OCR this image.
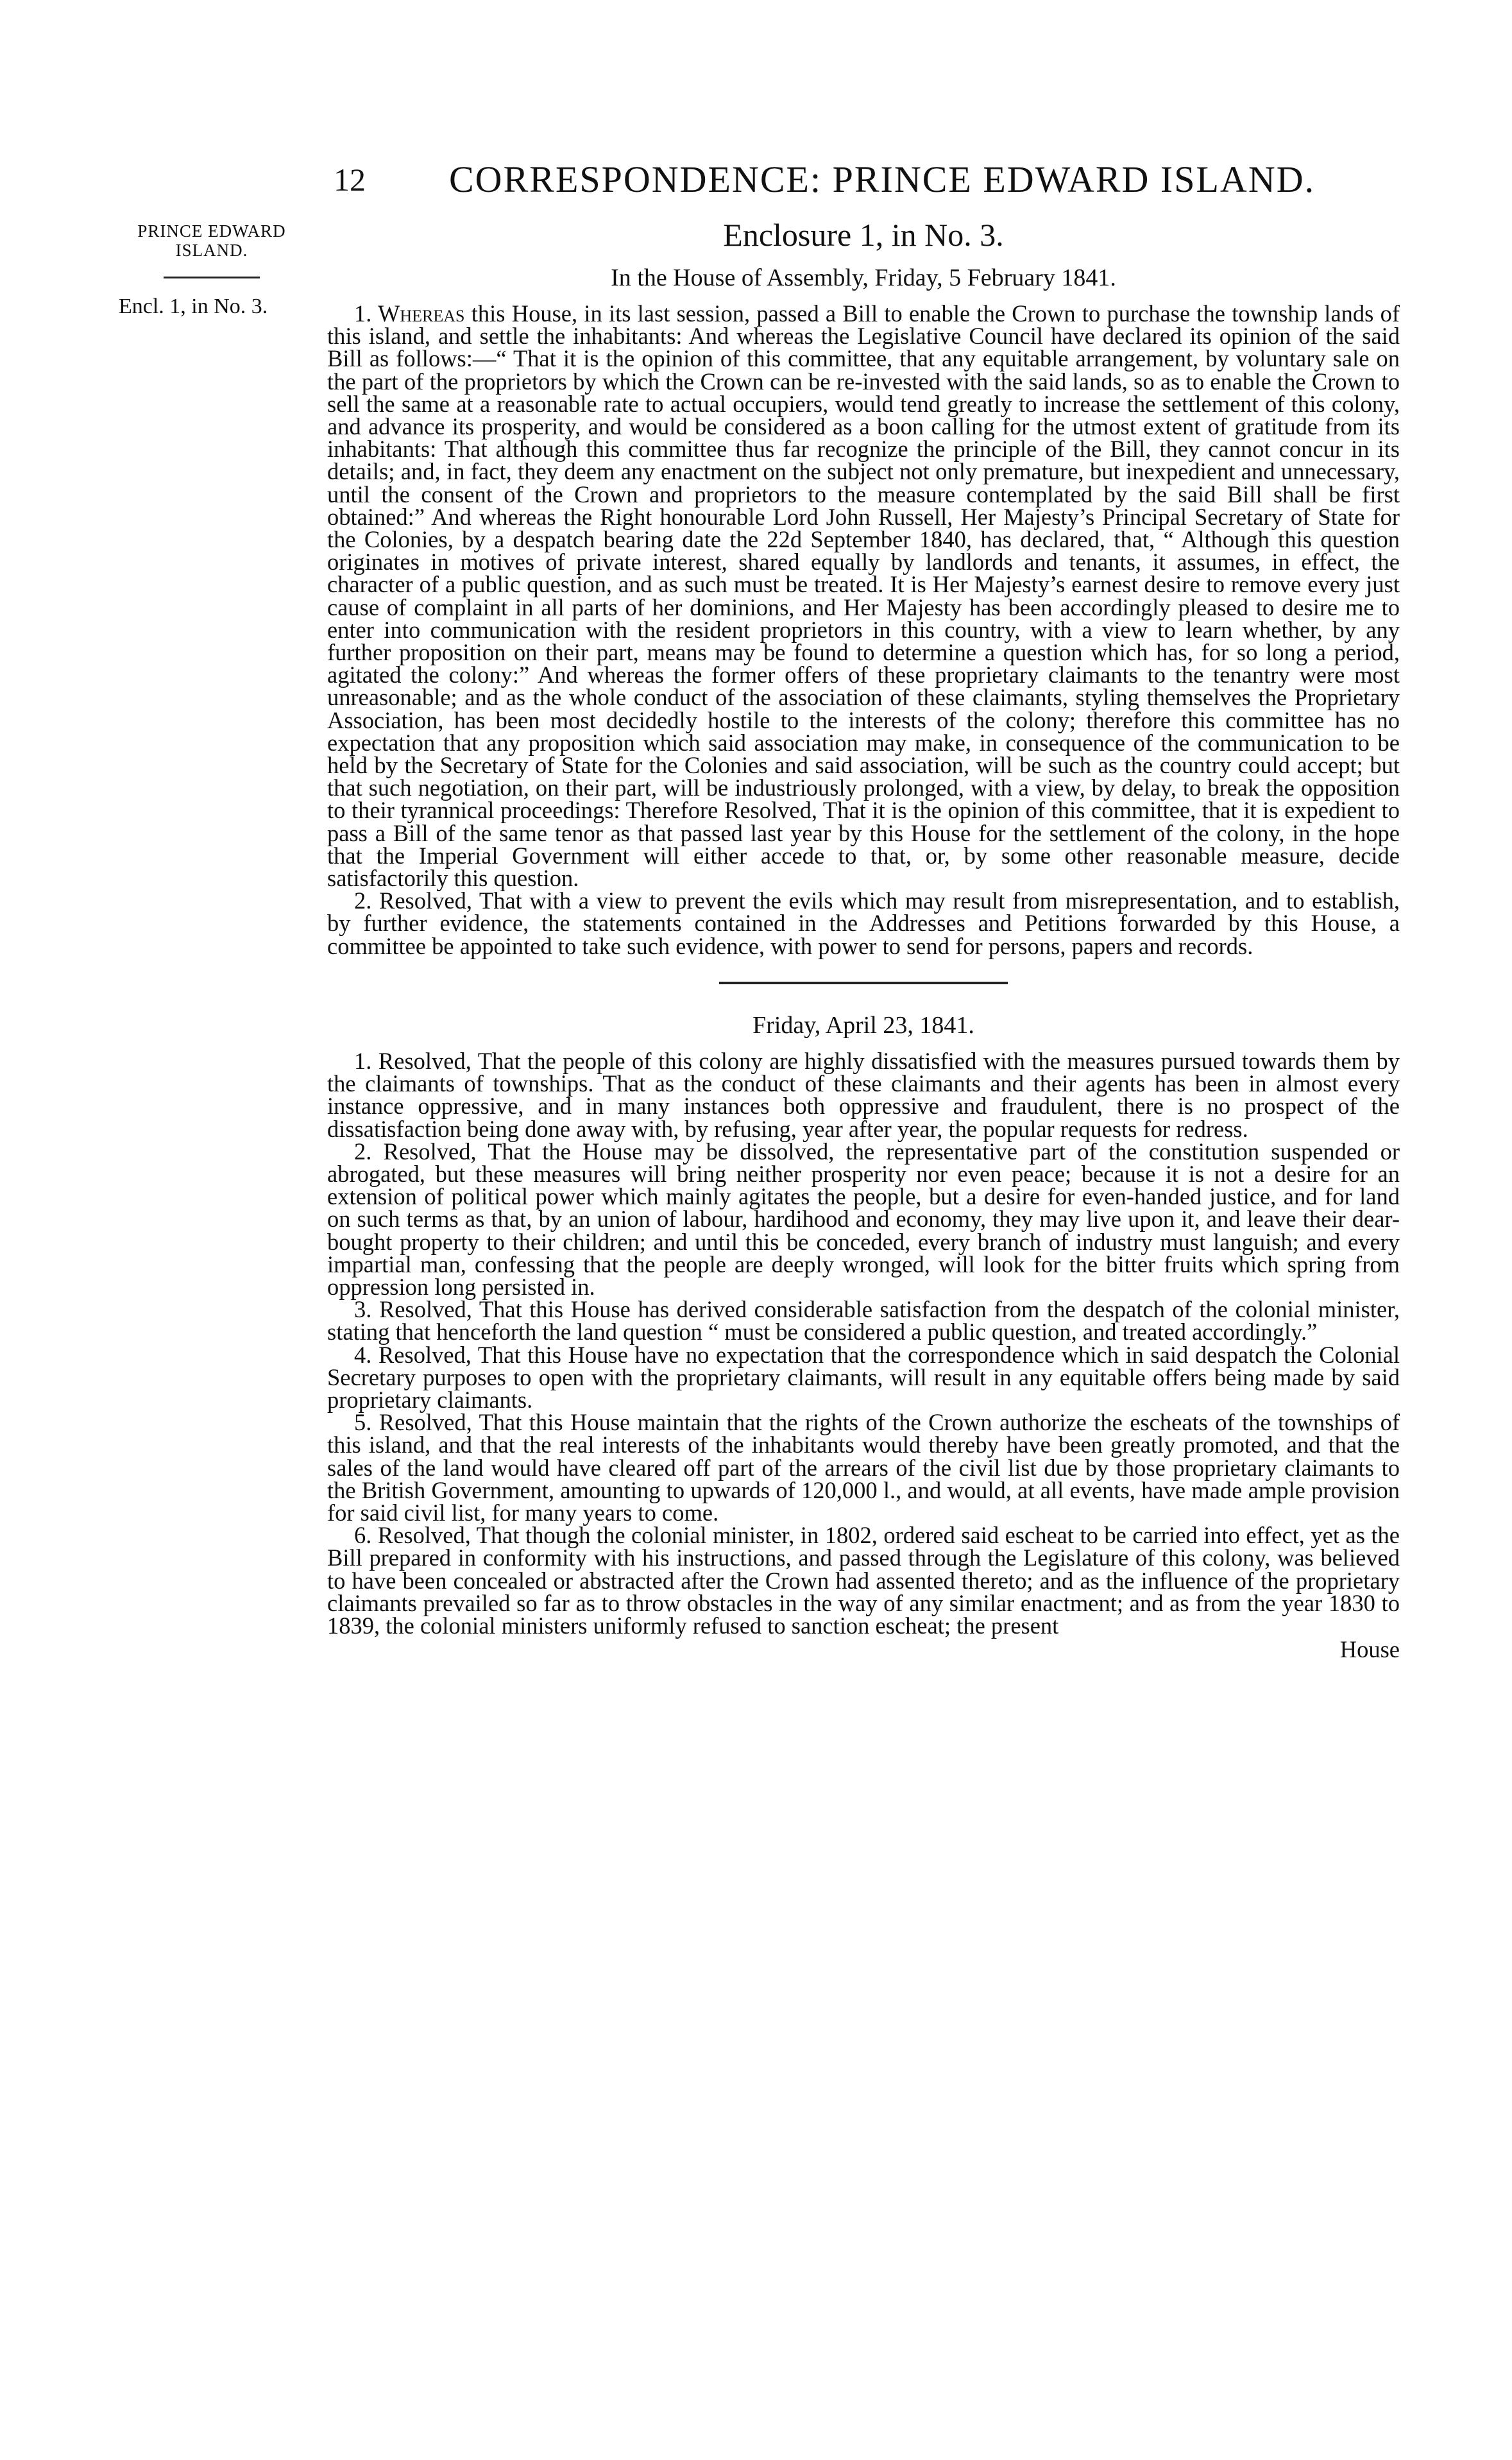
12 CORRESPONDENCE: PRINCE EDWARD ISLAND.
PRINCE EDWARD ISLAND.
Encl. 1, in No. 3.
Enclosure 1, in No. 3.
In the House of Assembly, Friday, 5 February 1841.

1. Whereas this House, in its last session, passed a Bill to enable the Crown to purchase the township lands of this island, and settle the inhabitants: And whereas the Legislative Council have declared its opinion of the said Bill as follows:—“ That it is the opinion of this committee, that any equitable arrangement, by voluntary sale on the part of the proprietors by which the Crown can be re-invested with the said lands, so as to enable the Crown to sell the same at a reasonable rate to actual occupiers, would tend greatly to increase the settlement of this colony, and advance its prosperity, and would be considered as a boon calling for the utmost extent of gratitude from its inhabitants: That although this committee thus far recognize the principle of the Bill, they cannot concur in its details; and, in fact, they deem any enactment on the subject not only premature, but inexpedient and unnecessary, until the consent of the Crown and proprietors to the measure contemplated by the said Bill shall be first obtained:” And whereas the Right honourable Lord John Russell, Her Majesty’s Principal Secretary of State for the Colonies, by a despatch bearing date the 22d September 1840, has declared, that, “ Although this question originates in motives of private interest, shared equally by landlords and tenants, it assumes, in effect, the character of a public question, and as such must be treated. It is Her Majesty’s earnest desire to remove every just cause of complaint in all parts of her dominions, and Her Majesty has been accordingly pleased to desire me to enter into communication with the resident proprietors in this country, with a view to learn whether, by any further proposition on their part, means may be found to determine a question which has, for so long a period, agitated the colony:” And whereas the former offers of these proprietary claimants to the tenantry were most unreasonable; and as the whole conduct of the association of these claimants, styling themselves the Proprietary Association, has been most decidedly hostile to the interests of the colony; therefore this committee has no expectation that any proposition which said association may make, in consequence of the communication to be held by the Secretary of State for the Colonies and said association, will be such as the country could accept; but that such negotiation, on their part, will be industriously prolonged, with a view, by delay, to break the opposition to their tyrannical proceedings: Therefore Resolved, That it is the opinion of this committee, that it is expedient to pass a Bill of the same tenor as that passed last year by this House for the settlement of the colony, in the hope that the Imperial Government will either accede to that, or, by some other reasonable measure, decide satisfactorily this question.

2. Resolved, That with a view to prevent the evils which may result from misrepresentation, and to establish, by further evidence, the statements contained in the Addresses and Petitions forwarded by this House, a committee be appointed to take such evidence, with power to send for persons, papers and records.

Friday, April 23, 1841.

1. Resolved, That the people of this colony are highly dissatisfied with the measures pursued towards them by the claimants of townships. That as the conduct of these claimants and their agents has been in almost every instance oppressive, and in many instances both oppressive and fraudulent, there is no prospect of the dissatisfaction being done away with, by refusing, year after year, the popular requests for redress.

2. Resolved, That the House may be dissolved, the representative part of the constitution suspended or abrogated, but these measures will bring neither prosperity nor even peace; because it is not a desire for an extension of political power which mainly agitates the people, but a desire for even-handed justice, and for land on such terms as that, by an union of labour, hardihood and economy, they may live upon it, and leave their dear-bought property to their children; and until this be conceded, every branch of industry must languish; and every impartial man, confessing that the people are deeply wronged, will look for the bitter fruits which spring from oppression long persisted in.

3. Resolved, That this House has derived considerable satisfaction from the despatch of the colonial minister, stating that henceforth the land question “ must be considered a public question, and treated accordingly.”

4. Resolved, That this House have no expectation that the correspondence which in said despatch the Colonial Secretary purposes to open with the proprietary claimants, will result in any equitable offers being made by said proprietary claimants.

5. Resolved, That this House maintain that the rights of the Crown authorize the escheats of the townships of this island, and that the real interests of the inhabitants would thereby have been greatly promoted, and that the sales of the land would have cleared off part of the arrears of the civil list due by those proprietary claimants to the British Government, amounting to upwards of 120,000 l., and would, at all events, have made ample provision for said civil list, for many years to come.

6. Resolved, That though the colonial minister, in 1802, ordered said escheat to be carried into effect, yet as the Bill prepared in conformity with his instructions, and passed through the Legislature of this colony, was believed to have been concealed or abstracted after the Crown had assented thereto; and as the influence of the proprietary claimants prevailed so far as to throw obstacles in the way of any similar enactment; and as from the year 1830 to 1839, the colonial ministers uniformly refused to sanction escheat; the present

House
